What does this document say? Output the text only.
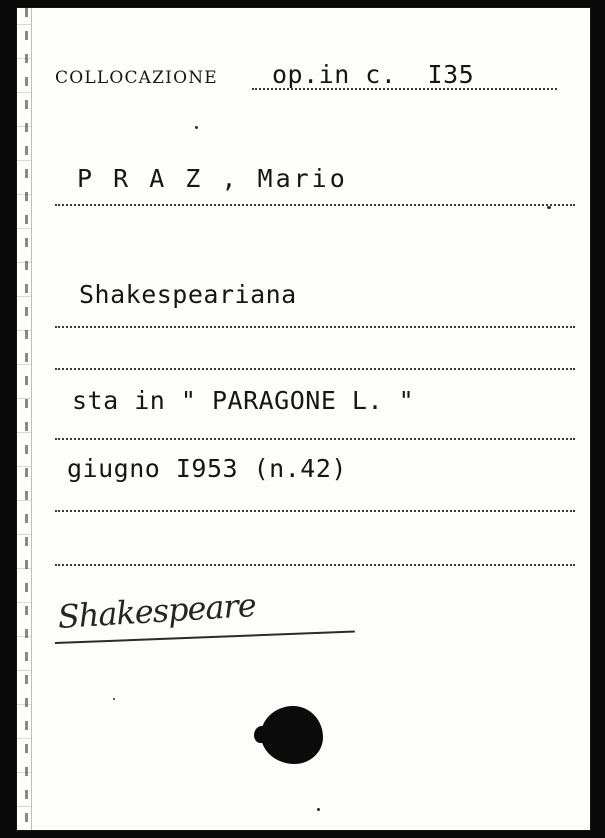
COLLOCAZIONE op.in c.  I35
P R A Z , Mario
Shakespeariana
sta in " PARAGONE L. "
giugno I953 (n.42)
Shakespeare
